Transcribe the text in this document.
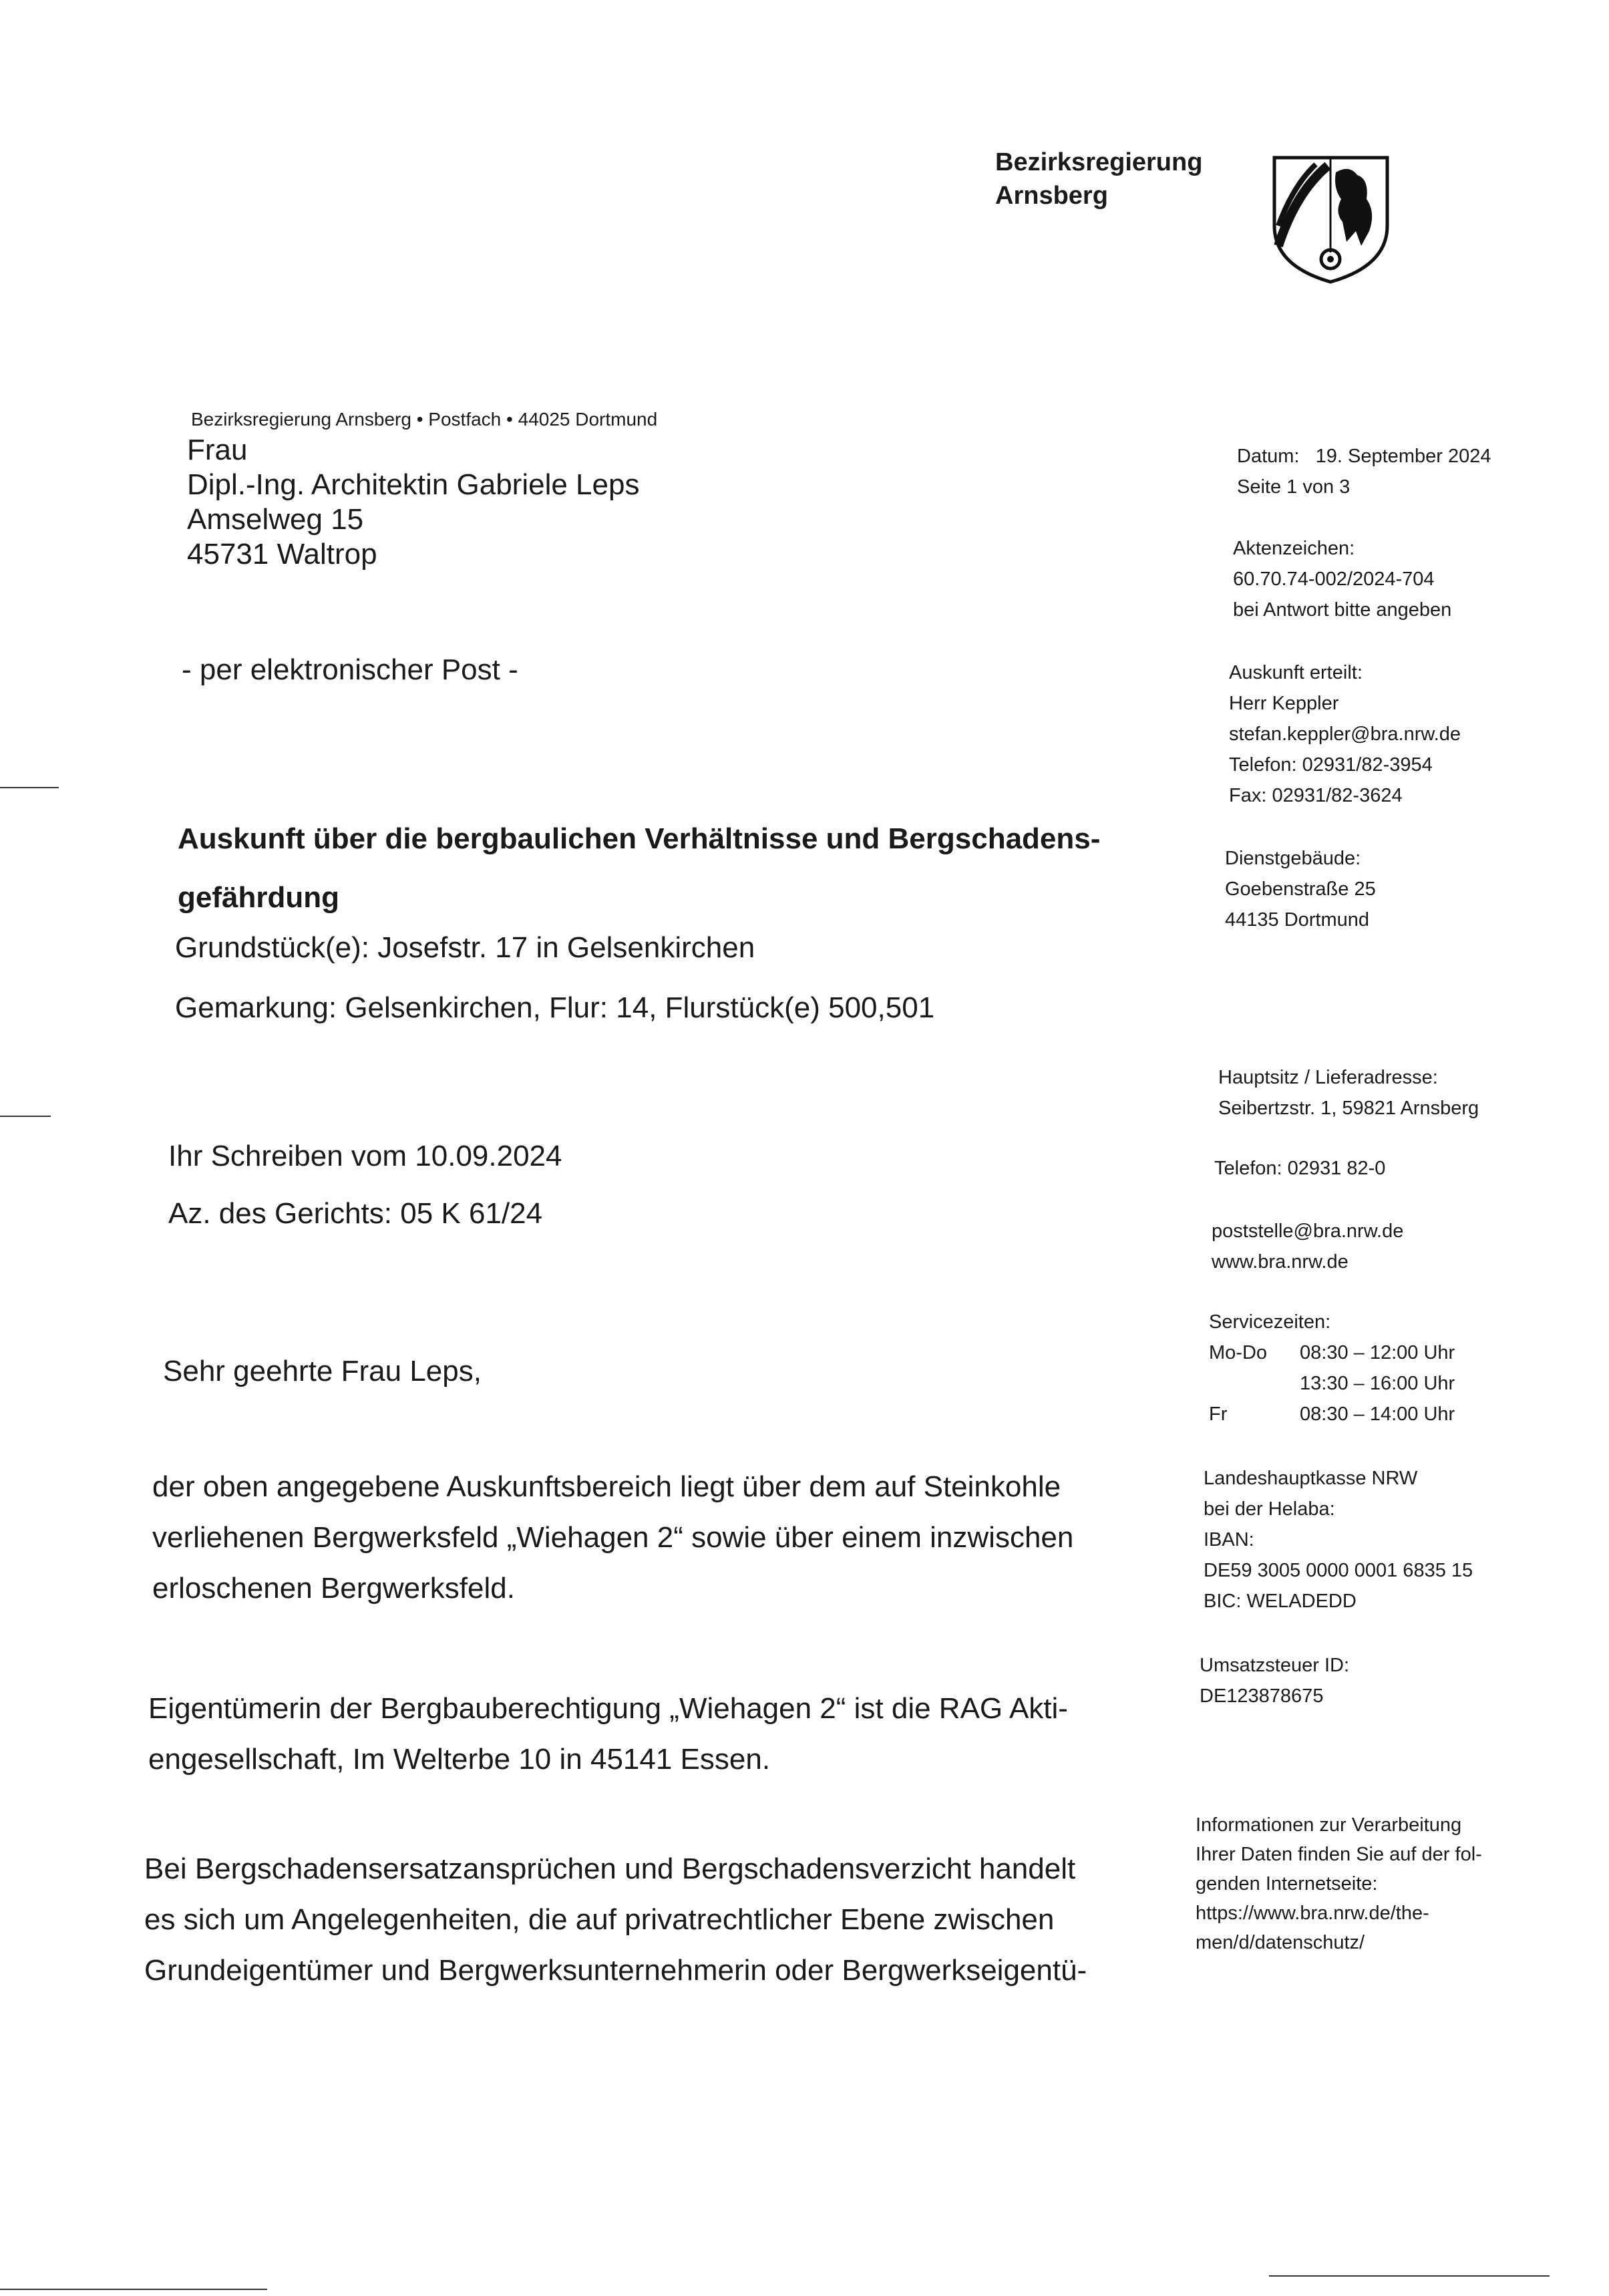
Bezirksregierung
Arnsberg
Bezirksregierung Arnsberg • Postfach • 44025 Dortmund
Frau
Dipl.-Ing. Architektin Gabriele Leps
Amselweg 15
45731 Waltrop
- per elektronischer Post -
Auskunft über die bergbaulichen Verhältnisse und Bergschadens-
gefährdung
Grundstück(e): Josefstr. 17 in Gelsenkirchen
Gemarkung: Gelsenkirchen, Flur: 14, Flurstück(e) 500,501
Ihr Schreiben vom 10.09.2024
Az. des Gerichts: 05 K 61/24
Sehr geehrte Frau Leps,
der oben angegebene Auskunftsbereich liegt über dem auf Steinkohle
verliehenen Bergwerksfeld „Wiehagen 2“ sowie über einem inzwischen
erloschenen Bergwerksfeld.
Eigentümerin der Bergbauberechtigung „Wiehagen 2“ ist die RAG Akti-
engesellschaft, Im Welterbe 10 in 45141 Essen.
Bei Bergschadensersatzansprüchen und Bergschadensverzicht handelt
es sich um Angelegenheiten, die auf privatrechtlicher Ebene zwischen
Grundeigentümer und Bergwerksunternehmerin oder Bergwerkseigentü-
Datum: 19. September 2024
Seite 1 von 3
Aktenzeichen:
60.70.74-002/2024-704
bei Antwort bitte angeben
Auskunft erteilt:
Herr Keppler
stefan.keppler@bra.nrw.de
Telefon: 02931/82-3954
Fax: 02931/82-3624
Dienstgebäude:
Goebenstraße 25
44135 Dortmund
Hauptsitz / Lieferadresse:
Seibertzstr. 1, 59821 Arnsberg
Telefon: 02931 82-0
poststelle@bra.nrw.de
www.bra.nrw.de
Servicezeiten:
Mo-Do	08:30 – 12:00 Uhr
13:30 – 16:00 Uhr
Fr	08:30 – 14:00 Uhr
Landeshauptkasse NRW
bei der Helaba:
IBAN:
DE59 3005 0000 0001 6835 15
BIC: WELADEDD
Umsatzsteuer ID:
DE123878675
Informationen zur Verarbeitung
Ihrer Daten finden Sie auf der fol-
genden Internetseite:
https://www.bra.nrw.de/the-
men/d/datenschutz/
